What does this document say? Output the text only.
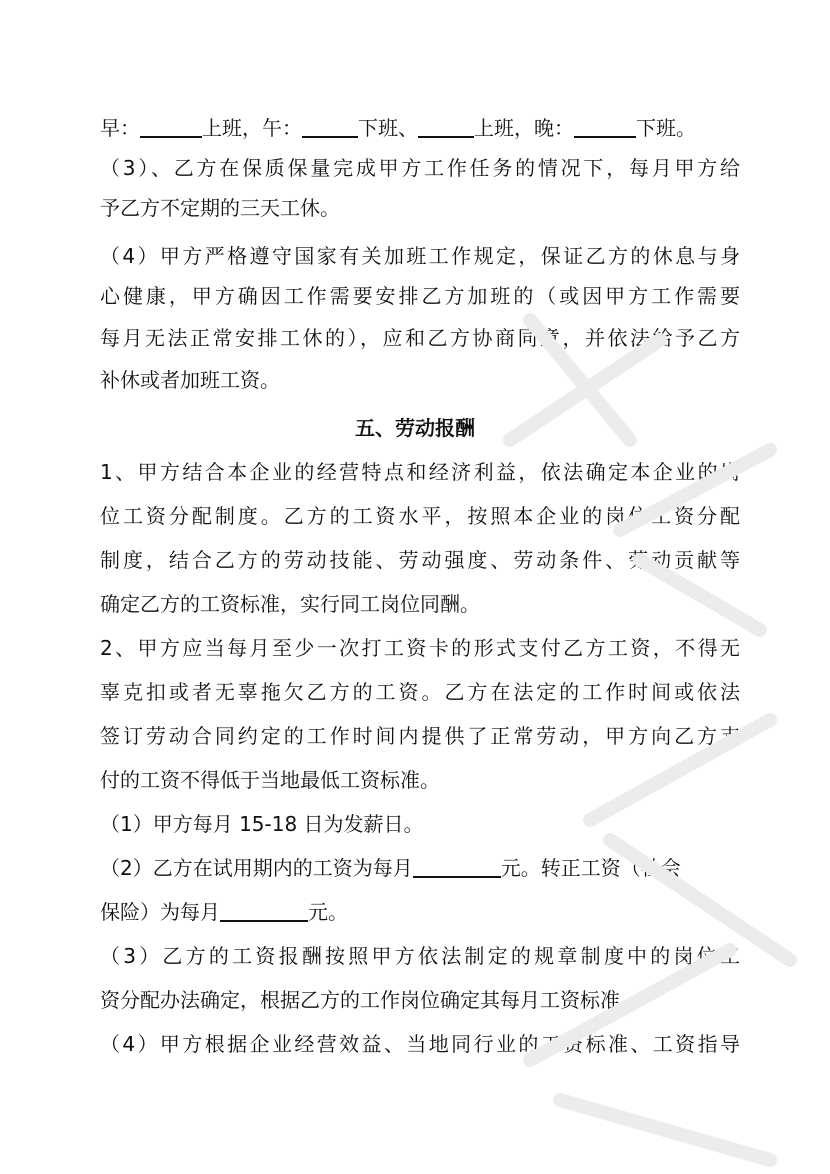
早：	上班，午：	下班、	上班，晚：	下班。
（3）、乙方在保质保量完成甲方工作任务的情况下，每月甲方给
予乙方不定期的三天工休。
（4）甲方严格遵守国家有关加班工作规定，保证乙方的休息与身
心健康，甲方确因工作需要安排乙方加班的（或因甲方工作需要
每月无法正常安排工休的），应和乙方协商同意，并依法给予乙方
补休或者加班工资。
五、劳动报酬
1、甲方结合本企业的经营特点和经济利益，依法确定本企业的岗
位工资分配制度。乙方的工资水平，按照本企业的岗位工资分配
制度，结合乙方的劳动技能、劳动强度、劳动条件、劳动贡献等
确定乙方的工资标准，实行同工岗位同酬。
2、甲方应当每月至少一次打工资卡的形式支付乙方工资，不得无
辜克扣或者无辜拖欠乙方的工资。乙方在法定的工作时间或依法
签订劳动合同约定的工作时间内提供了正常劳动，甲方向乙方支
付的工资不得低于当地最低工资标准。
（1）甲方每月 15-18 日为发薪日。
（2）乙方在试用期内的工资为每月	元。转正工资（社会
保险）为每月	元。
（3）乙方的工资报酬按照甲方依法制定的规章制度中的岗位工
资分配办法确定，根据乙方的工作岗位确定其每月工资标准。
（4）甲方根据企业经营效益、当地同行业的工资标准、工资指导
